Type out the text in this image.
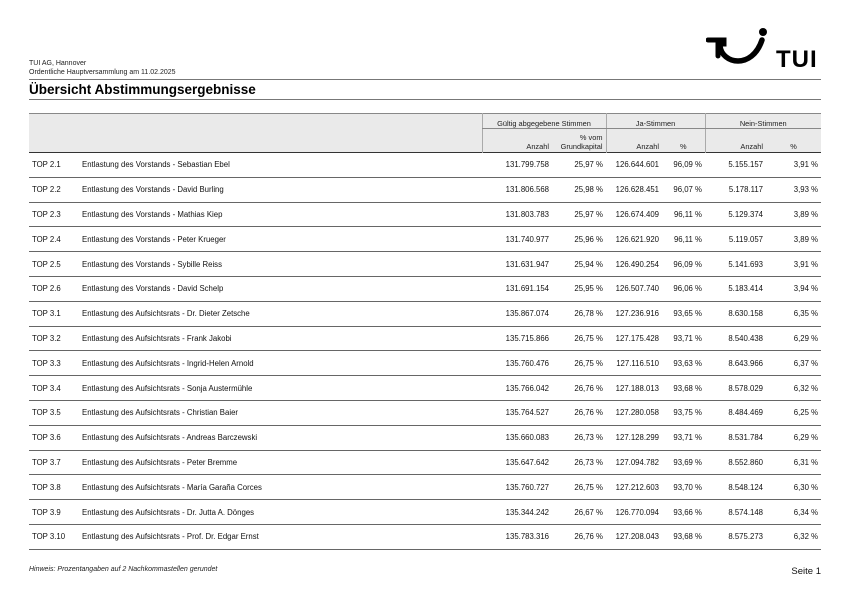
TUI AG, Hannover
Ordentliche Hauptversammlung am 11.02.2025
Übersicht Abstimmungsergebnisse
TUI
		Gültig abgegebene Stimmen		Ja-Stimmen		Nein-Stimmen	
		Anzahl	% vom Grundkapital	Anzahl	%	Anzahl	%
TOP 2.1	Entlastung des Vorstands - Sebastian Ebel	131.799.758	25,97 %	126.644.601	96,09 %	5.155.157	3,91 %
TOP 2.2	Entlastung des Vorstands - David Burling	131.806.568	25,98 %	126.628.451	96,07 %	5.178.117	3,93 %
TOP 2.3	Entlastung des Vorstands - Mathias Kiep	131.803.783	25,97 %	126.674.409	96,11 %	5.129.374	3,89 %
TOP 2.4	Entlastung des Vorstands - Peter Krueger	131.740.977	25,96 %	126.621.920	96,11 %	5.119.057	3,89 %
TOP 2.5	Entlastung des Vorstands - Sybille Reiss	131.631.947	25,94 %	126.490.254	96,09 %	5.141.693	3,91 %
TOP 2.6	Entlastung des Vorstands - David Schelp	131.691.154	25,95 %	126.507.740	96,06 %	5.183.414	3,94 %
TOP 3.1	Entlastung des Aufsichtsrats - Dr. Dieter Zetsche	135.867.074	26,78 %	127.236.916	93,65 %	8.630.158	6,35 %
TOP 3.2	Entlastung des Aufsichtsrats - Frank Jakobi	135.715.866	26,75 %	127.175.428	93,71 %	8.540.438	6,29 %
TOP 3.3	Entlastung des Aufsichtsrats - Ingrid-Helen Arnold	135.760.476	26,75 %	127.116.510	93,63 %	8.643.966	6,37 %
TOP 3.4	Entlastung des Aufsichtsrats - Sonja Austermühle	135.766.042	26,76 %	127.188.013	93,68 %	8.578.029	6,32 %
TOP 3.5	Entlastung des Aufsichtsrats - Christian Baier	135.764.527	26,76 %	127.280.058	93,75 %	8.484.469	6,25 %
TOP 3.6	Entlastung des Aufsichtsrats - Andreas Barczewski	135.660.083	26,73 %	127.128.299	93,71 %	8.531.784	6,29 %
TOP 3.7	Entlastung des Aufsichtsrats - Peter Bremme	135.647.642	26,73 %	127.094.782	93,69 %	8.552.860	6,31 %
TOP 3.8	Entlastung des Aufsichtsrats - María Garaña Corces	135.760.727	26,75 %	127.212.603	93,70 %	8.548.124	6,30 %
TOP 3.9	Entlastung des Aufsichtsrats - Dr. Jutta A. Dönges	135.344.242	26,67 %	126.770.094	93,66 %	8.574.148	6,34 %
TOP 3.10	Entlastung des Aufsichtsrats - Prof. Dr. Edgar Ernst	135.783.316	26,76 %	127.208.043	93,68 %	8.575.273	6,32 %
Hinweis: Prozentangaben auf 2 Nachkommastellen gerundet	Seite 1
